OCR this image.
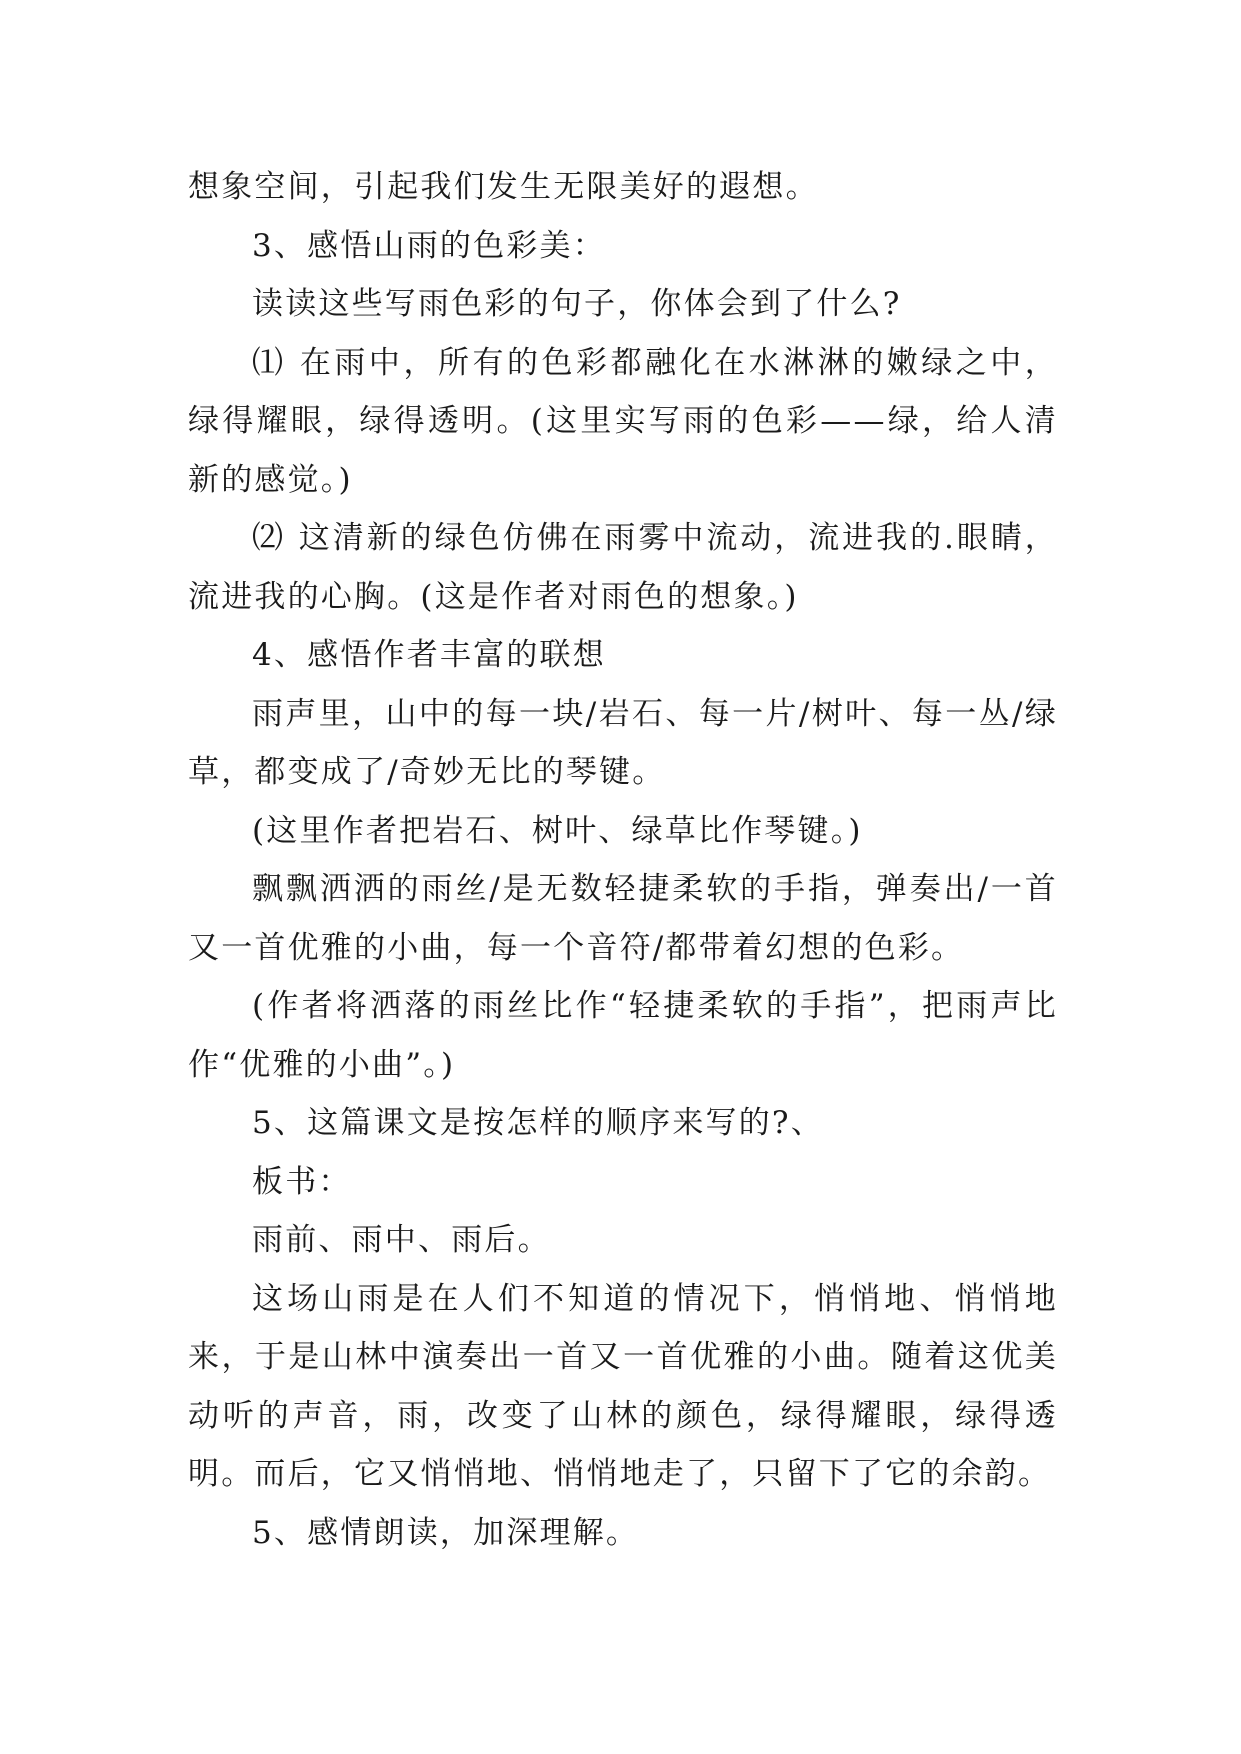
想象空间，引起我们发生无限美好的遐想。

3、感悟山雨的色彩美：

读读这些写雨色彩的句子，你体会到了什么?

⑴ 在雨中，所有的色彩都融化在水淋淋的嫩绿之中，绿得耀眼，绿得透明。(这里实写雨的色彩——绿，给人清新的感觉。)

⑵ 这清新的绿色仿佛在雨雾中流动，流进我的.眼睛，流进我的心胸。(这是作者对雨色的想象。)

4、感悟作者丰富的联想

雨声里，山中的每一块/岩石、每一片/树叶、每一丛/绿草，都变成了/奇妙无比的琴键。

(这里作者把岩石、树叶、绿草比作琴键。)

飘飘洒洒的雨丝/是无数轻捷柔软的手指，弹奏出/一首又一首优雅的小曲，每一个音符/都带着幻想的色彩。

(作者将洒落的雨丝比作“轻捷柔软的手指”，把雨声比作“优雅的小曲”。)

5、这篇课文是按怎样的顺序来写的?、

板书：

雨前、雨中、雨后。

这场山雨是在人们不知道的情况下，悄悄地、悄悄地来，于是山林中演奏出一首又一首优雅的小曲。随着这优美动听的声音，雨，改变了山林的颜色，绿得耀眼，绿得透明。而后，它又悄悄地、悄悄地走了，只留下了它的余韵。

5、感情朗读，加深理解。
